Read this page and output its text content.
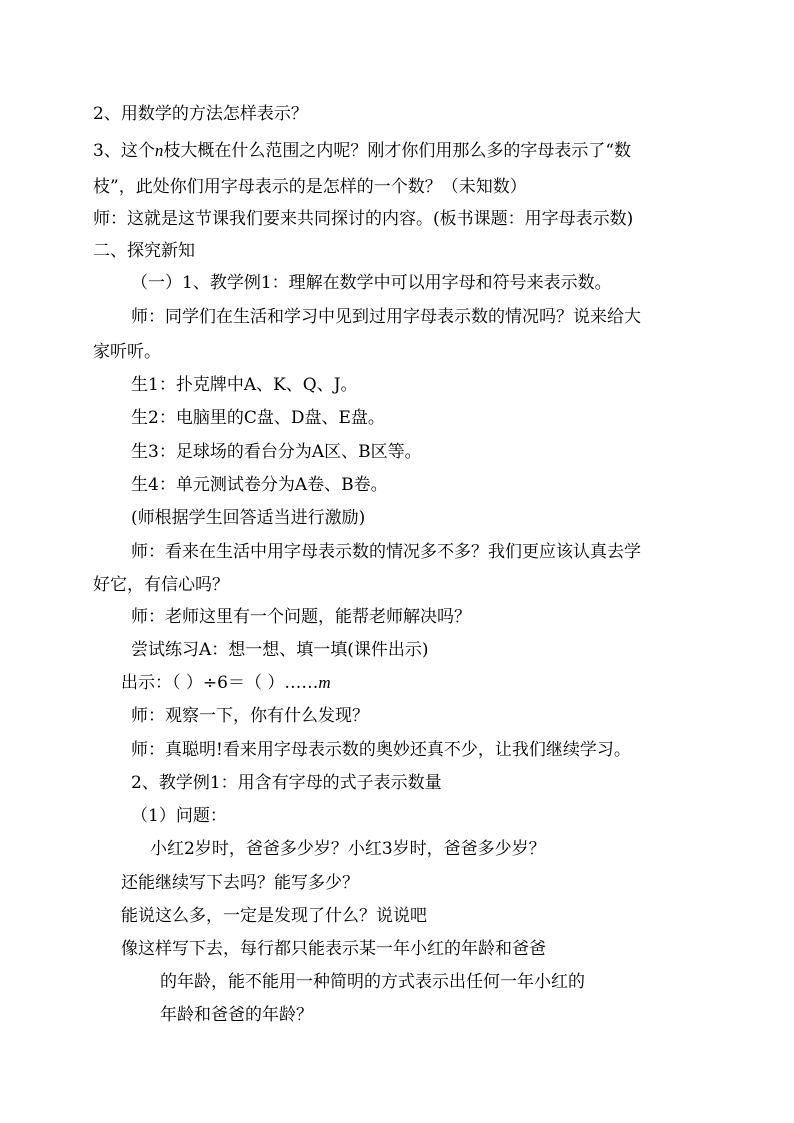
2、用数学的方法怎样表示？
3、这个n枝大概在什么范围之内呢？刚才你们用那么多的字母表示了“数
枝”，此处你们用字母表示的是怎样的一个数？（未知数）
师：这就是这节课我们要来共同探讨的内容。(板书课题：用字母表示数)
二、探究新知
（一）1、教学例1：理解在数学中可以用字母和符号来表示数。
师：同学们在生活和学习中见到过用字母表示数的情况吗？说来给大
家听听。
生1：扑克牌中A、K、Q、J。
生2：电脑里的C盘、D盘、E盘。
生3：足球场的看台分为A区、B区等。
生4：单元测试卷分为A卷、B卷。
(师根据学生回答适当进行激励)
师：看来在生活中用字母表示数的情况多不多？我们更应该认真去学
好它，有信心吗？
师：老师这里有一个问题，能帮老师解决吗？
尝试练习A：想一想、填一填(课件出示)
出示：（ ）÷6＝（ ）……m
师：观察一下，你有什么发现？
师：真聪明!看来用字母表示数的奥妙还真不少，让我们继续学习。
2、教学例1：用含有字母的式子表示数量
（1）问题：
小红2岁时，爸爸多少岁？小红3岁时，爸爸多少岁？
还能继续写下去吗？能写多少？
能说这么多，一定是发现了什么？说说吧
像这样写下去，每行都只能表示某一年小红的年龄和爸爸
的年龄，能不能用一种简明的方式表示出任何一年小红的
年龄和爸爸的年龄？
